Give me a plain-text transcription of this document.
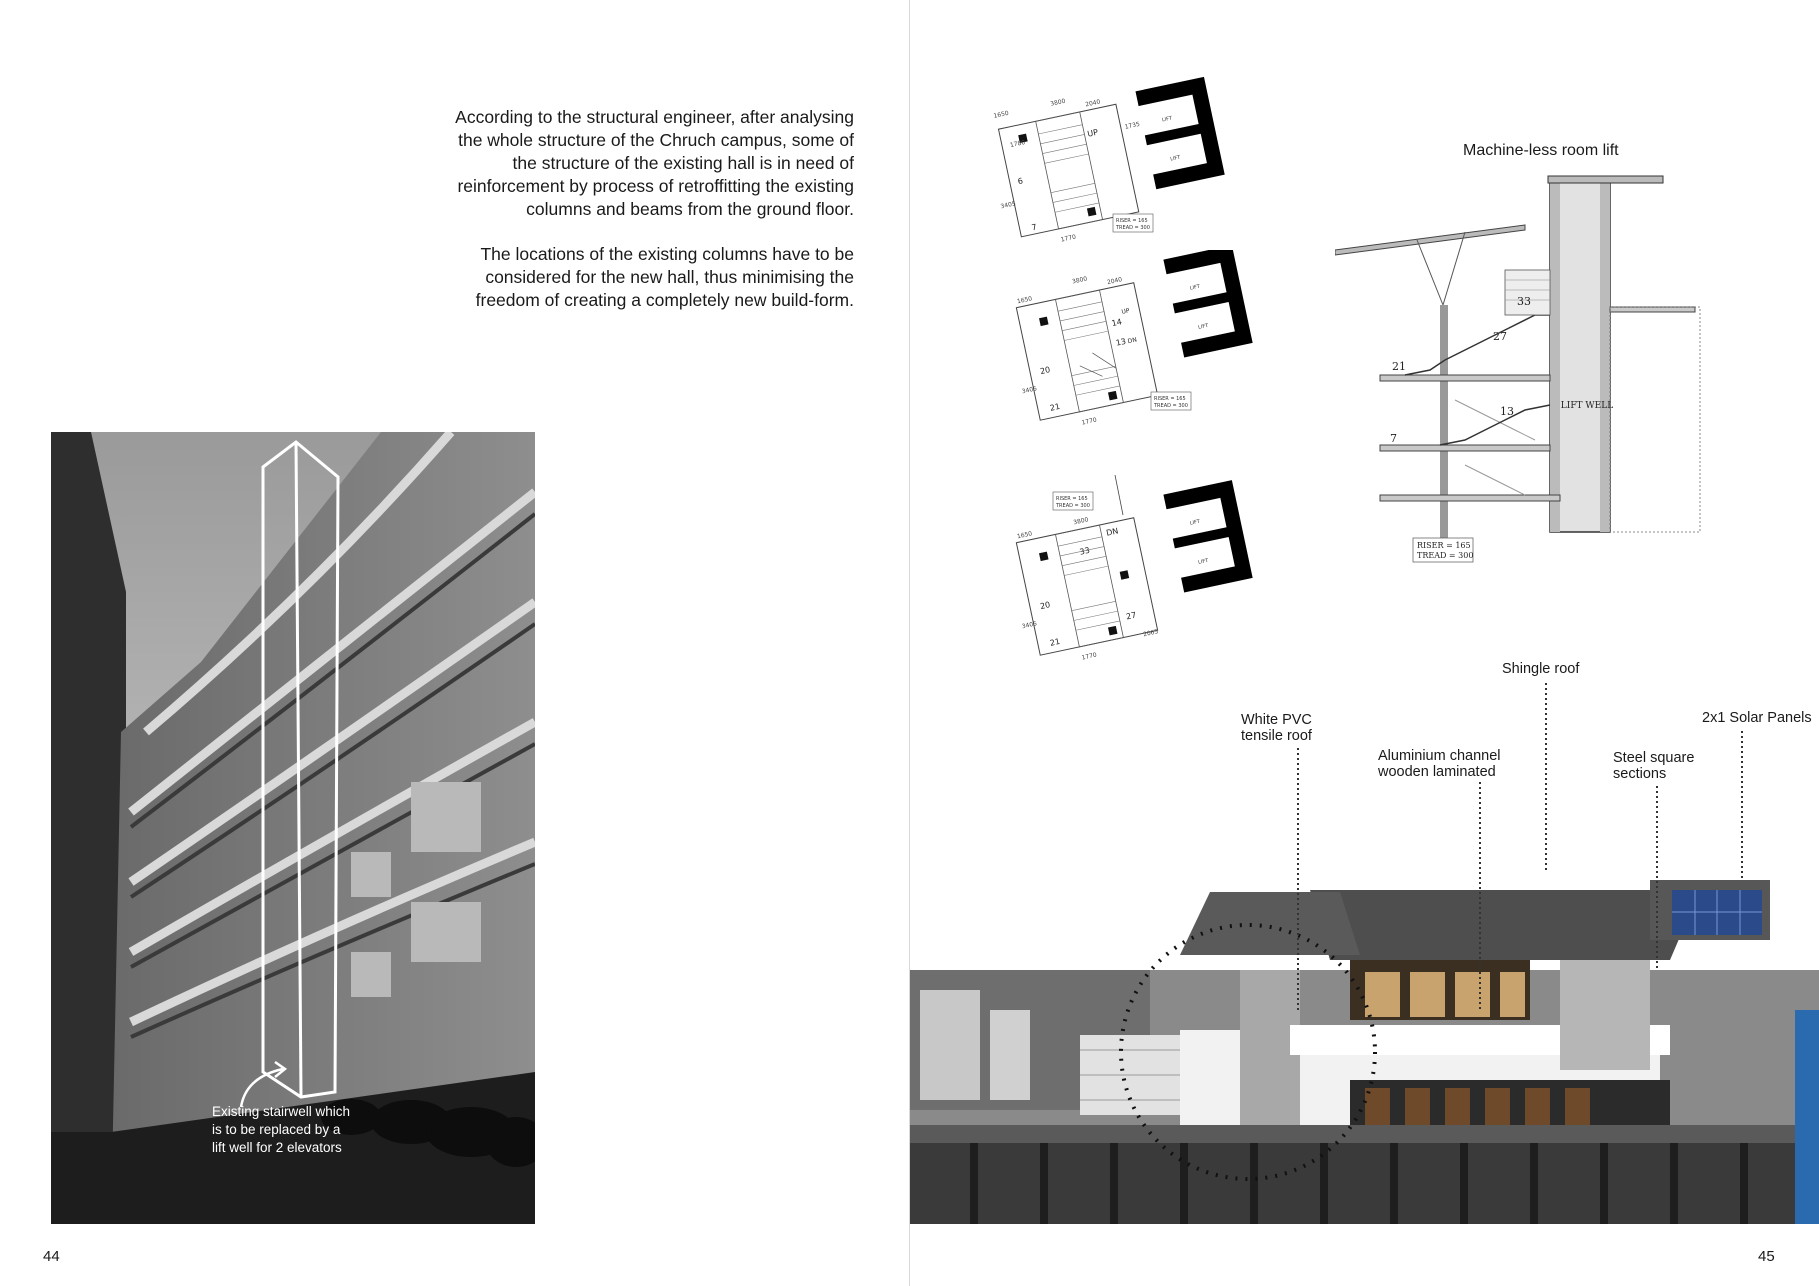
According to the structural engineer, after analysing
the whole structure of the Chruch campus, some of
the structure of the existing hall is in need of
reinforcement by process of retroffitting the existing
columns and beams from the ground floor.

The locations of the existing columns have to be
considered for the new hall, thus minimising the
freedom of creating a completely new build-form.

Existing stairwell which
is to be replaced by a
lift well for 2 elevators
44
6
7
UP
1650
3800	2040
1735
1780
3405
1770
LIFT
LIFT
RISER = 165
TREAD = 300
14
13
20
21
UP
DN
3800
1650
2040
3405
1770
LIFT
LIFT
RISER = 165
TREAD = 300
RISER = 165
TREAD = 300
33
DN
20
21
27
3800
1650
3405
1770
2065
LIFT
LIFT
Machine-less room lift
LIFT WELL
33
27
21
13
7
RISER = 165
TREAD = 300
White PVC
tensile roof
Aluminium channel
wooden laminated
Shingle roof
Steel square
sections
2x1 Solar Panels
45
